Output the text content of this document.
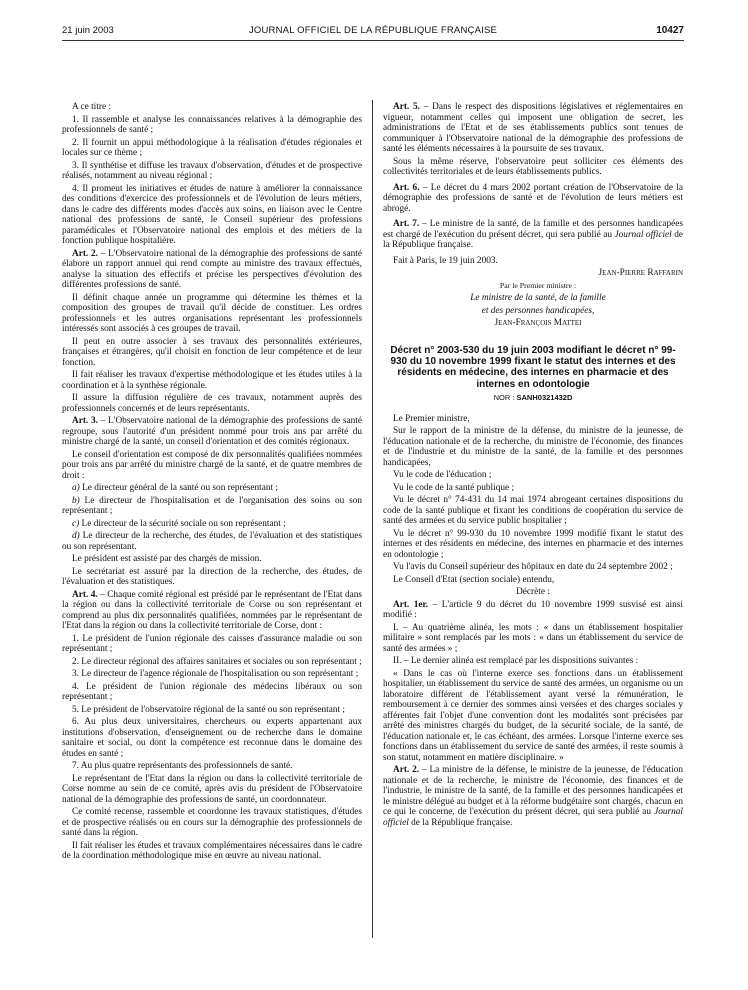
21 juin 2003	JOURNAL OFFICIEL DE LA RÉPUBLIQUE FRANÇAISE	10427

A ce titre :

1. Il rassemble et analyse les connaissances relatives à la démographie des professionnels de santé ;

2. Il fournit un appui méthodologique à la réalisation d'études régionales et locales sur ce thème ;

3. Il synthétise et diffuse les travaux d'observation, d'études et de prospective réalisés, notamment au niveau régional ;

4. Il promeut les initiatives et études de nature à améliorer la connaissance des conditions d'exercice des professionnels et de l'évolution de leurs métiers, dans le cadre des différents modes d'accès aux soins, en liaison avec le Centre national des professions de santé, le Conseil supérieur des professions paramédicales et l'Observatoire national des emplois et des métiers de la fonction publique hospitalière.

Art. 2. – L'Observatoire national de la démographie des professions de santé élabore un rapport annuel qui rend compte au ministre des travaux effectués, analyse la situation des effectifs et précise les perspectives d'évolution des différentes professions de santé.

Il définit chaque année un programme qui détermine les thèmes et la composition des groupes de travail qu'il décide de constituer. Les ordres professionnels et les autres organisations représentant les professionnels intéressés sont associés à ces groupes de travail.

Il peut en outre associer à ses travaux des personnalités extérieures, françaises et étrangères, qu'il choisit en fonction de leur compétence et de leur fonction.

Il fait réaliser les travaux d'expertise méthodologique et les études utiles à la coordination et à la synthèse régionale.

Il assure la diffusion régulière de ces travaux, notamment auprès des professionnels concernés et de leurs représentants.

Art. 3. – L'Observatoire national de la démographie des professions de santé regroupe, sous l'autorité d'un président nommé pour trois ans par arrêté du ministre chargé de la santé, un conseil d'orientation et des comités régionaux.

Le conseil d'orientation est composé de dix personnalités qualifiées nommées pour trois ans par arrêté du ministre chargé de la santé, et de quatre membres de droit :

a) Le directeur général de la santé ou son représentant ;

b) Le directeur de l'hospitalisation et de l'organisation des soins ou son représentant ;

c) Le directeur de la sécurité sociale ou son représentant ;

d) Le directeur de la recherche, des études, de l'évaluation et des statistiques ou son représentant.

Le président est assisté par des chargés de mission.

Le secrétariat est assuré par la direction de la recherche, des études, de l'évaluation et des statistiques.

Art. 4. – Chaque comité régional est présidé par le représentant de l'Etat dans la région ou dans la collectivité territoriale de Corse ou son représentant et comprend au plus dix personnalités qualifiées, nommées par le représentant de l'Etat dans la région ou dans la collectivité territoriale de Corse, dont :

1. Le président de l'union régionale des caisses d'assurance maladie ou son représentant ;

2. Le directeur régional des affaires sanitaires et sociales ou son représentant ;

3. Le directeur de l'agence régionale de l'hospitalisation ou son représentant ;

4. Le président de l'union régionale des médecins libéraux ou son représentant ;

5. Le président de l'observatoire régional de la santé ou son représentant ;

6. Au plus deux universitaires, chercheurs ou experts appartenant aux institutions d'observation, d'enseignement ou de recherche dans le domaine sanitaire et social, ou dont la compétence est reconnue dans le domaine des études en santé ;

7. Au plus quatre représentants des professionnels de santé.

Le représentant de l'Etat dans la région ou dans la collectivité territoriale de Corse nomme au sein de ce comité, après avis du président de l'Observatoire national de la démographie des professions de santé, un coordonnateur.

Ce comité recense, rassemble et coordonne les travaux statistiques, d'études et de prospective réalisés ou en cours sur la démographie des professionnels de santé dans la région.

Il fait réaliser les études et travaux complémentaires nécessaires dans le cadre de la coordination méthodologique mise en œuvre au niveau national.

Art. 5. – Dans le respect des dispositions législatives et réglementaires en vigueur, notamment celles qui imposent une obligation de secret, les administrations de l'Etat et de ses établissements publics sont tenues de communiquer à l'Observatoire national de la démographie des professions de santé les éléments nécessaires à la poursuite de ses travaux.

Sous la même réserve, l'observatoire peut solliciter ces éléments des collectivités territoriales et de leurs établissements publics.

Art. 6. – Le décret du 4 mars 2002 portant création de l'Observatoire de la démographie des professions de santé et de l'évolution de leurs métiers est abrogé.

Art. 7. – Le ministre de la santé, de la famille et des personnes handicapées est chargé de l'exécution du présent décret, qui sera publié au Journal officiel de la République française.

Fait à Paris, le 19 juin 2003.

Jean-Pierre Raffarin

Par le Premier ministre :

Le ministre de la santé, de la famille

et des personnes handicapées,

Jean-François Mattei

Décret n° 2003-530 du 19 juin 2003 modifiant le décret n° 99-930 du 10 novembre 1999 fixant le statut des internes et des résidents en médecine, des internes en pharmacie et des internes en odontologie
NOR : SANH0321432D

Le Premier ministre,

Sur le rapport de la ministre de la défense, du ministre de la jeunesse, de l'éducation nationale et de la recherche, du ministre de l'économie, des finances et de l'industrie et du ministre de la santé, de la famille et des personnes handicapées,

Vu le code de l'éducation ;

Vu le code de la santé publique ;

Vu le décret n° 74-431 du 14 mai 1974 abrogeant certaines dispositions du code de la santé publique et fixant les conditions de coopération du service de santé des armées et du service public hospitalier ;

Vu le décret n° 99-930 du 10 novembre 1999 modifié fixant le statut des internes et des résidents en médecine, des internes en pharmacie et des internes en odontologie ;

Vu l'avis du Conseil supérieur des hôpitaux en date du 24 septembre 2002 ;

Le Conseil d'Etat (section sociale) entendu,

Décrète :

Art. 1er. – L'article 9 du décret du 10 novembre 1999 susvisé est ainsi modifié :

I. – Au quatrième alinéa, les mots : « dans un établissement hospitalier militaire » sont remplacés par les mots : « dans un établissement du service de santé des armées » ;

II. – Le dernier alinéa est remplacé par les dispositions suivantes :

« Dans le cas où l'interne exerce ses fonctions dans un établissement hospitalier, un établissement du service de santé des armées, un organisme ou un laboratoire différent de l'établissement ayant versé la rémunération, le remboursement à ce dernier des sommes ainsi versées et des charges sociales y afférentes fait l'objet d'une convention dont les modalités sont précisées par arrêté des ministres chargés du budget, de la sécurité sociale, de la santé, de l'éducation nationale et, le cas échéant, des armées. Lorsque l'interne exerce ses fonctions dans un établissement du service de santé des armées, il reste soumis à son statut, notamment en matière disciplinaire. »

Art. 2. – La ministre de la défense, le ministre de la jeunesse, de l'éducation nationale et de la recherche, le ministre de l'économie, des finances et de l'industrie, le ministre de la santé, de la famille et des personnes handicapées et le ministre délégué au budget et à la réforme budgétaire sont chargés, chacun en ce qui le concerne, de l'exécution du présent décret, qui sera publié au Journal officiel de la République française.
